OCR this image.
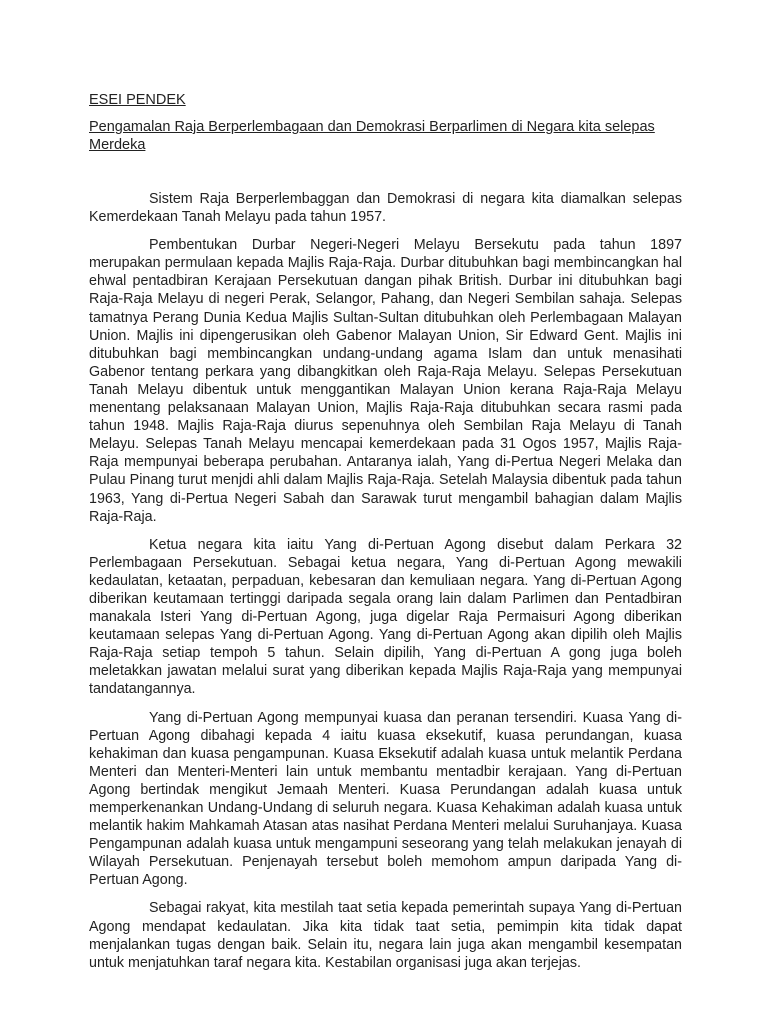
ESEI PENDEK
Pengamalan Raja Berperlembagaan dan Demokrasi Berparlimen di Negara kita selepas Merdeka

Sistem Raja Berperlembaggan dan Demokrasi di negara kita diamalkan selepas Kemerdekaan Tanah Melayu pada tahun 1957.

Pembentukan Durbar Negeri-Negeri Melayu Bersekutu pada tahun 1897 merupakan permulaan kepada Majlis Raja-Raja. Durbar ditubuhkan bagi membincangkan hal ehwal pentadbiran Kerajaan Persekutuan dangan pihak British. Durbar ini ditubuhkan bagi Raja-Raja Melayu di negeri Perak, Selangor, Pahang, dan Negeri Sembilan sahaja. Selepas tamatnya Perang Dunia Kedua Majlis Sultan-Sultan ditubuhkan oleh Perlembagaan Malayan Union. Majlis ini dipengerusikan oleh Gabenor Malayan Union, Sir Edward Gent. Majlis ini ditubuhkan bagi membincangkan undang-undang agama Islam dan untuk menasihati Gabenor tentang perkara yang dibangkitkan oleh Raja-Raja Melayu. Selepas Persekutuan Tanah Melayu dibentuk untuk menggantikan Malayan Union kerana Raja-Raja Melayu menentang pelaksanaan Malayan Union, Majlis Raja-Raja ditubuhkan secara rasmi pada tahun 1948. Majlis Raja-Raja diurus sepenuhnya oleh Sembilan Raja Melayu di Tanah Melayu. Selepas Tanah Melayu mencapai kemerdekaan pada 31 Ogos 1957, Majlis Raja-Raja mempunyai beberapa perubahan. Antaranya ialah, Yang di-Pertua Negeri Melaka dan Pulau Pinang turut menjdi ahli dalam Majlis Raja-Raja. Setelah Malaysia dibentuk pada tahun 1963, Yang di-Pertua Negeri Sabah dan Sarawak turut mengambil bahagian dalam Majlis Raja-Raja.

Ketua negara kita iaitu Yang di-Pertuan Agong disebut dalam Perkara 32 Perlembagaan Persekutuan. Sebagai ketua negara, Yang di-Pertuan Agong mewakili kedaulatan, ketaatan, perpaduan, kebesaran dan kemuliaan negara. Yang di-Pertuan Agong diberikan keutamaan tertinggi daripada segala orang lain dalam Parlimen dan Pentadbiran manakala Isteri Yang di-Pertuan Agong, juga digelar Raja Permaisuri Agong diberikan keutamaan selepas Yang di-Pertuan Agong. Yang di-Pertuan Agong akan dipilih oleh Majlis Raja-Raja setiap tempoh 5 tahun. Selain dipilih, Yang di-Pertuan A gong juga boleh meletakkan jawatan melalui surat yang diberikan kepada Majlis Raja-Raja yang mempunyai tandatangannya.

Yang di-Pertuan Agong mempunyai kuasa dan peranan tersendiri. Kuasa Yang di-Pertuan Agong dibahagi kepada 4 iaitu kuasa eksekutif, kuasa perundangan, kuasa kehakiman dan kuasa pengampunan. Kuasa Eksekutif adalah kuasa untuk melantik Perdana Menteri dan Menteri-Menteri lain untuk membantu mentadbir kerajaan. Yang di-Pertuan Agong bertindak mengikut Jemaah Menteri. Kuasa Perundangan adalah kuasa untuk memperkenankan Undang-Undang di seluruh negara. Kuasa Kehakiman adalah kuasa untuk melantik hakim Mahkamah Atasan atas nasihat Perdana Menteri melalui Suruhanjaya. Kuasa Pengampunan adalah kuasa untuk mengampuni seseorang yang telah melakukan jenayah di Wilayah Persekutuan. Penjenayah tersebut boleh memohom ampun daripada Yang di-Pertuan Agong.

Sebagai rakyat, kita mestilah taat setia kepada pemerintah supaya Yang di-Pertuan Agong mendapat kedaulatan. Jika kita tidak taat setia, pemimpin kita tidak dapat menjalankan tugas dengan baik. Selain itu, negara lain juga akan mengambil kesempatan untuk menjatuhkan taraf negara kita. Kestabilan organisasi juga akan terjejas.
